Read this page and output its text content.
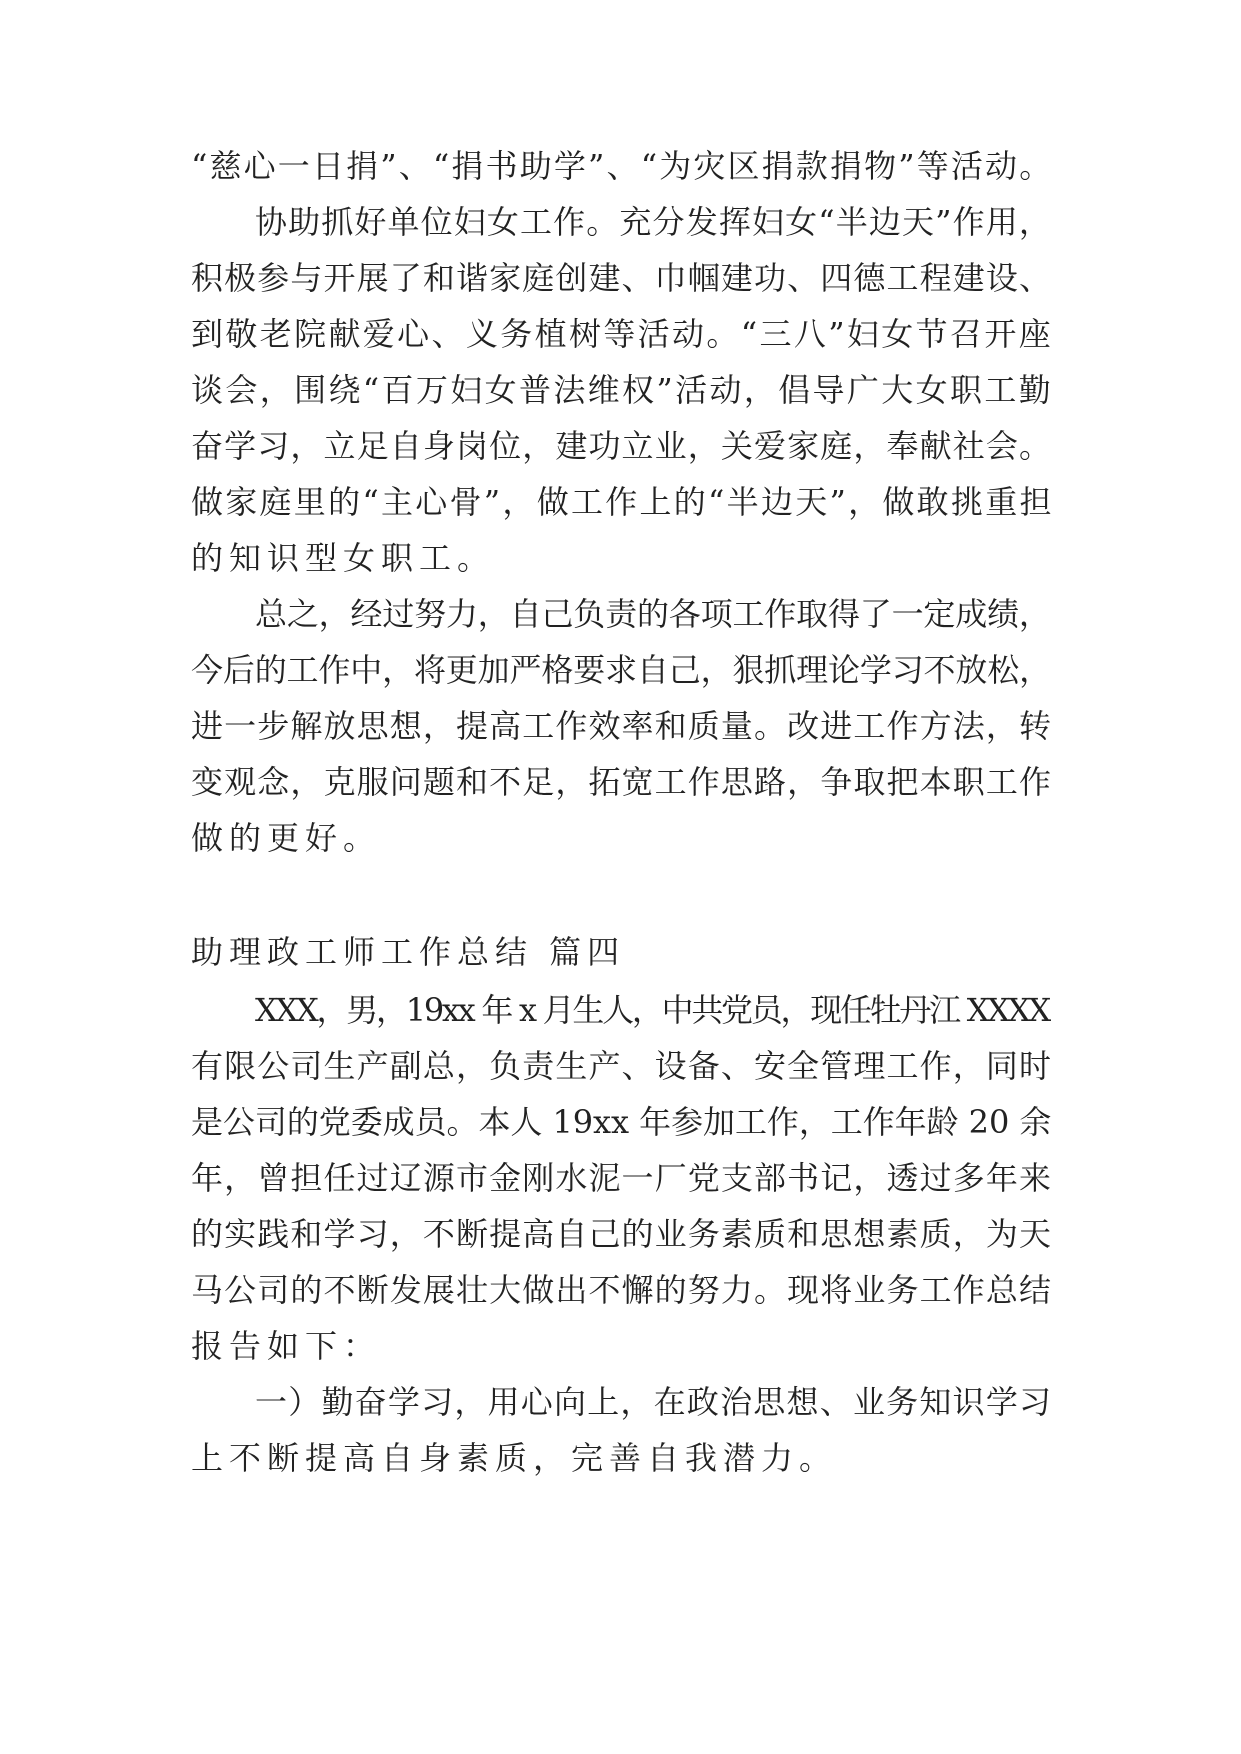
“慈心一日捐”、“捐书助学”、“为灾区捐款捐物”等活动。
协助抓好单位妇女工作。充分发挥妇女“半边天”作用，
积极参与开展了和谐家庭创建、巾帼建功、四德工程建设、
到敬老院献爱心、义务植树等活动。“三八”妇女节召开座
谈会，围绕“百万妇女普法维权”活动，倡导广大女职工勤
奋学习，立足自身岗位，建功立业，关爱家庭，奉献社会。
做家庭里的“主心骨”，做工作上的“半边天”，做敢挑重担
的知识型女职工。
总之，经过努力，自己负责的各项工作取得了一定成绩，
今后的工作中，将更加严格要求自己，狠抓理论学习不放松，
进一步解放思想，提高工作效率和质量。改进工作方法，转
变观念，克服问题和不足，拓宽工作思路，争取把本职工作
做的更好。
助理政工师工作总结 篇四
XXX，男，19xx 年 x 月生人，中共党员，现任牡丹江 XXXX
有限公司生产副总，负责生产、设备、安全管理工作，同时
是公司的党委成员。本人 19xx 年参加工作，工作年龄 20 余
年，曾担任过辽源市金刚水泥一厂党支部书记，透过多年来
的实践和学习，不断提高自己的业务素质和思想素质，为天
马公司的不断发展壮大做出不懈的努力。现将业务工作总结
报告如下：
一）勤奋学习，用心向上，在政治思想、业务知识学习
上不断提高自身素质，完善自我潜力。
